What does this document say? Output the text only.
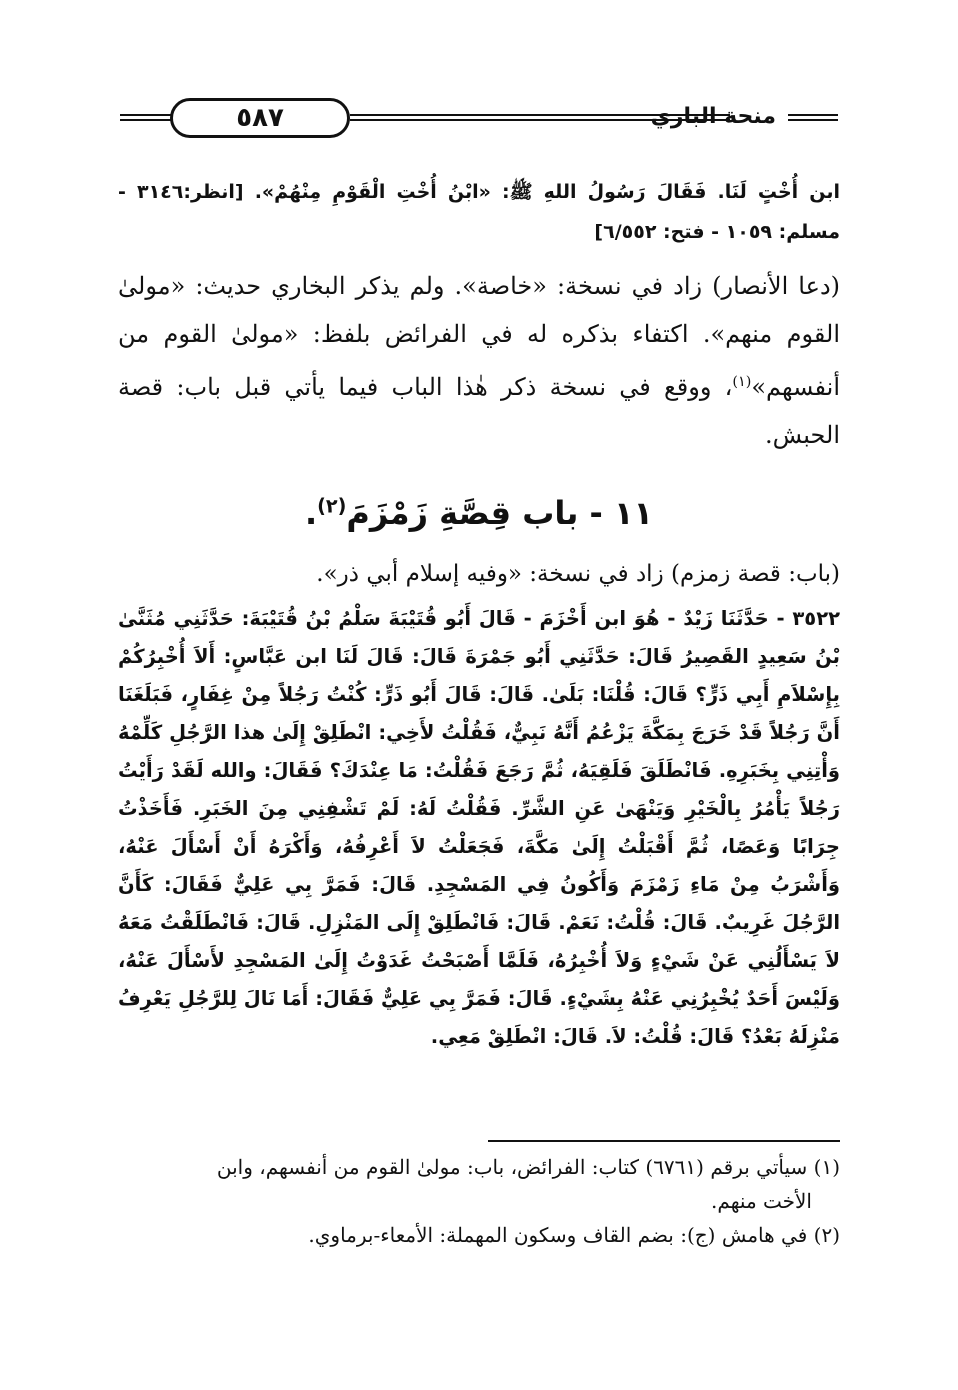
٥٨٧	منحة الباري

ابن أُخْتٍ لَنَا. فَقَالَ رَسُولُ اللهِ ﷺ: «ابْنُ أُخْتِ الْقَوْمِ مِنْهُمْ». [انظر:٣١٤٦ - مسلم: ١٠٥٩ - فتح: ٦/٥٥٢]

(دعا الأنصار) زاد في نسخة: «خاصة». ولم يذكر البخاري حديث: «مولىٰ القوم منهم». اكتفاء بذكره له في الفرائض بلفظ: «مولىٰ القوم من أنفسهم»$^{(١)}$، ووقع في نسخة ذكر هٰذا الباب فيما يأتي قبل باب: قصة الحبش.

١١ - باب قِصَّةِ زَمْزَمَ$^{(٢)}$.

(باب: قصة زمزم) زاد في نسخة: «وفيه إسلام أبي ذر».

٣٥٢٢ - حَدَّثَنَا زَيْدٌ - هُوَ ابن أَخْزَمَ - قَالَ أَبُو قُتَيْبَةَ سَلْمُ بْنُ قُتَيْبَةَ: حَدَّثَنِي مُثَنَّىٰ بْنُ سَعِيدٍ القَصِيرُ قَالَ: حَدَّثَنِي أَبُو جَمْرَةَ قَالَ: قَالَ لَنَا ابن عَبَّاسٍ: أَلاَ أُخْبِرُكُمْ بِإِسْلاَمِ أَبِي ذَرٍّ؟ قَالَ: قُلْنَا: بَلَىٰ. قَالَ: قَالَ أَبُو ذَرٍّ: كُنْتُ رَجُلاً مِنْ غِفَارٍ، فَبَلَغَنَا أَنَّ رَجُلاً قَدْ خَرَجَ بِمَكَّةَ يَزْعُمُ أَنَّهُ نَبِيٌّ، فَقُلْتُ لأَخِي: انْطَلِقْ إِلَىٰ هذا الرَّجُلِ كَلِّمْهُ وَأْتِنِي بِخَبَرِهِ. فَانْطَلَقَ فَلَقِيَهُ، ثُمَّ رَجَعَ فَقُلْتُ: مَا عِنْدَكَ؟ فَقَالَ: والله لَقَدْ رَأَيْتُ رَجُلاً يَأْمُرُ بِالْخَيْرِ وَيَنْهَىٰ عَنِ الشَّرِّ. فَقُلْتُ لَهُ: لَمْ تَشْفِنِي مِنَ الخَبَرِ. فَأَخَذْتُ جِرَابًا وَعَصًا، ثُمَّ أَقْبَلْتُ إِلَىٰ مَكَّةَ، فَجَعَلْتُ لاَ أَعْرِفُهُ، وَأَكْرَهُ أَنْ أَسْأَلَ عَنْهُ، وَأَشْرَبُ مِنْ مَاءِ زَمْزَمَ وَأَكُونُ فِي المَسْجِدِ. قَالَ: فَمَرَّ بِي عَلِيٌّ فَقَالَ: كَأَنَّ الرَّجُلَ غَرِيبٌ. قَالَ: قُلْتُ: نَعَمْ. قَالَ: فَانْطَلِقْ إِلَى المَنْزِلِ. قَالَ: فَانْطَلَقْتُ مَعَهُ لاَ يَسْأَلُنِي عَنْ شَيْءٍ وَلاَ أُخْبِرُهُ، فَلَمَّا أَصْبَحْتُ غَدَوْتُ إِلَىٰ المَسْجِدِ لأَسْأَلَ عَنْهُ، وَلَيْسَ أَحَدٌ يُخْبِرُنِي عَنْهُ بِشَيْءٍ. قَالَ: فَمَرَّ بِي عَلِيٌّ فَقَالَ: أَمَا نَالَ لِلرَّجُلِ يَعْرِفُ مَنْزِلَهُ بَعْدُ؟ قَالَ: قُلْتُ: لاَ. قَالَ: انْطَلِقْ مَعِي.

(١) سيأتي برقم (٦٧٦١) كتاب: الفرائض، باب: مولىٰ القوم من أنفسهم، وابن

الأخت منهم.

(٢) في هامش (ج): بضم القاف وسكون المهملة: الأمعاء-برماوي.
